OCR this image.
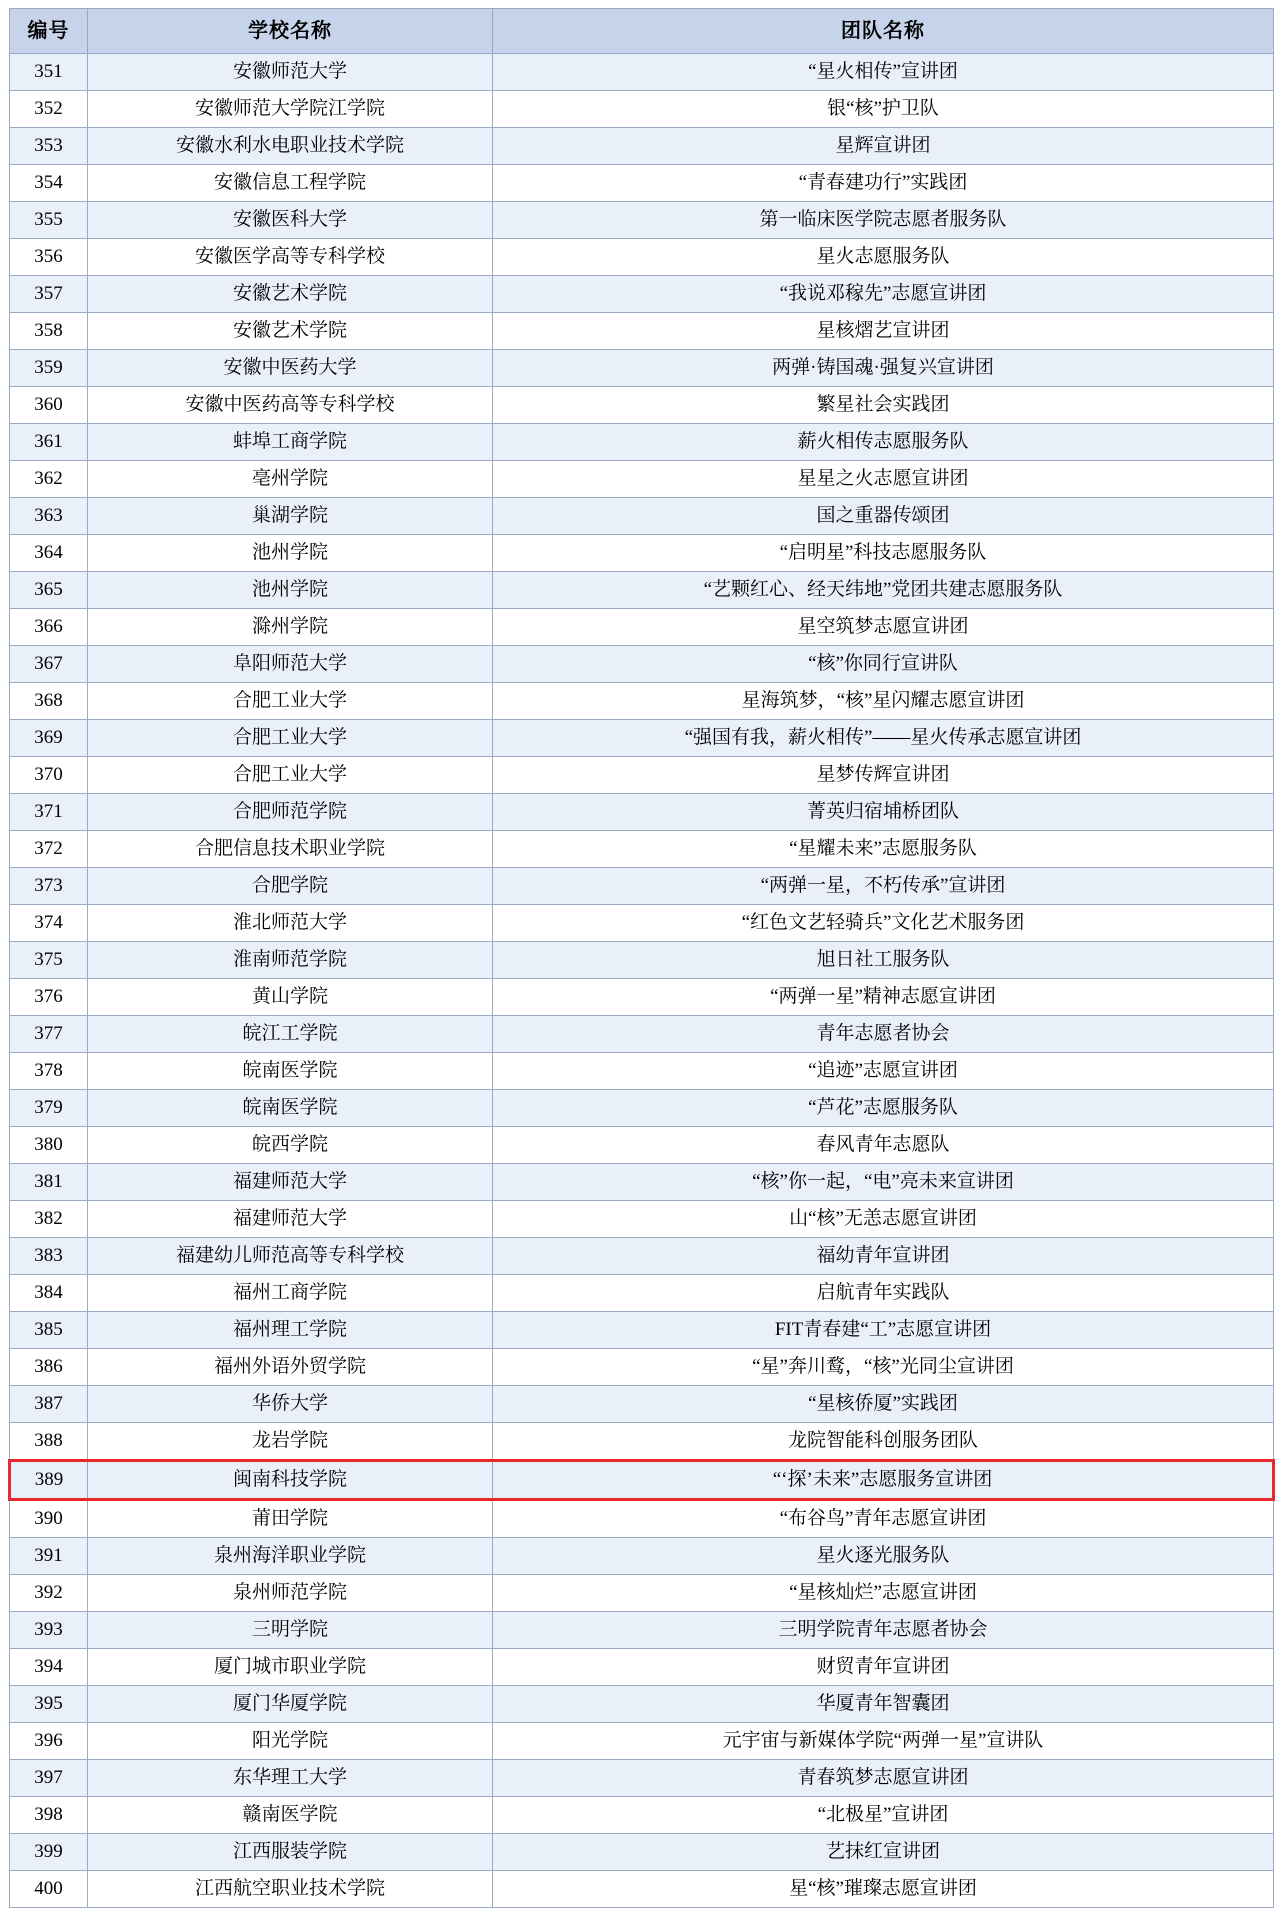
编号	学校名称	团队名称
351	安徽师范大学	“星火相传”宣讲团
352	安徽师范大学院江学院	银“核”护卫队
353	安徽水利水电职业技术学院	星辉宣讲团
354	安徽信息工程学院	“青春建功行”实践团
355	安徽医科大学	第一临床医学院志愿者服务队
356	安徽医学高等专科学校	星火志愿服务队
357	安徽艺术学院	“我说邓稼先”志愿宣讲团
358	安徽艺术学院	星核熠艺宣讲团
359	安徽中医药大学	两弹·铸国魂·强复兴宣讲团
360	安徽中医药高等专科学校	繁星社会实践团
361	蚌埠工商学院	薪火相传志愿服务队
362	亳州学院	星星之火志愿宣讲团
363	巢湖学院	国之重器传颂团
364	池州学院	“启明星”科技志愿服务队
365	池州学院	“艺颗红心、经天纬地”党团共建志愿服务队
366	滁州学院	星空筑梦志愿宣讲团
367	阜阳师范大学	“核”你同行宣讲队
368	合肥工业大学	星海筑梦，“核”星闪耀志愿宣讲团
369	合肥工业大学	“强国有我，薪火相传”——星火传承志愿宣讲团
370	合肥工业大学	星梦传辉宣讲团
371	合肥师范学院	菁英归宿埔桥团队
372	合肥信息技术职业学院	“星耀未来”志愿服务队
373	合肥学院	“两弹一星，不朽传承”宣讲团
374	淮北师范大学	“红色文艺轻骑兵”文化艺术服务团
375	淮南师范学院	旭日社工服务队
376	黄山学院	“两弹一星”精神志愿宣讲团
377	皖江工学院	青年志愿者协会
378	皖南医学院	“追迹”志愿宣讲团
379	皖南医学院	“芦花”志愿服务队
380	皖西学院	春风青年志愿队
381	福建师范大学	“核”你一起，“电”亮未来宣讲团
382	福建师范大学	山“核”无恙志愿宣讲团
383	福建幼儿师范高等专科学校	福幼青年宣讲团
384	福州工商学院	启航青年实践队
385	福州理工学院	FIT青春建“工”志愿宣讲团
386	福州外语外贸学院	“星”奔川鹜，“核”光同尘宣讲团
387	华侨大学	“星核侨厦”实践团
388	龙岩学院	龙院智能科创服务团队
389	闽南科技学院	“‘探’未来”志愿服务宣讲团
390	莆田学院	“布谷鸟”青年志愿宣讲团
391	泉州海洋职业学院	星火逐光服务队
392	泉州师范学院	“星核灿烂”志愿宣讲团
393	三明学院	三明学院青年志愿者协会
394	厦门城市职业学院	财贸青年宣讲团
395	厦门华厦学院	华厦青年智囊团
396	阳光学院	元宇宙与新媒体学院“两弹一星”宣讲队
397	东华理工大学	青春筑梦志愿宣讲团
398	赣南医学院	“北极星”宣讲团
399	江西服装学院	艺抹红宣讲团
400	江西航空职业技术学院	星“核”璀璨志愿宣讲团
